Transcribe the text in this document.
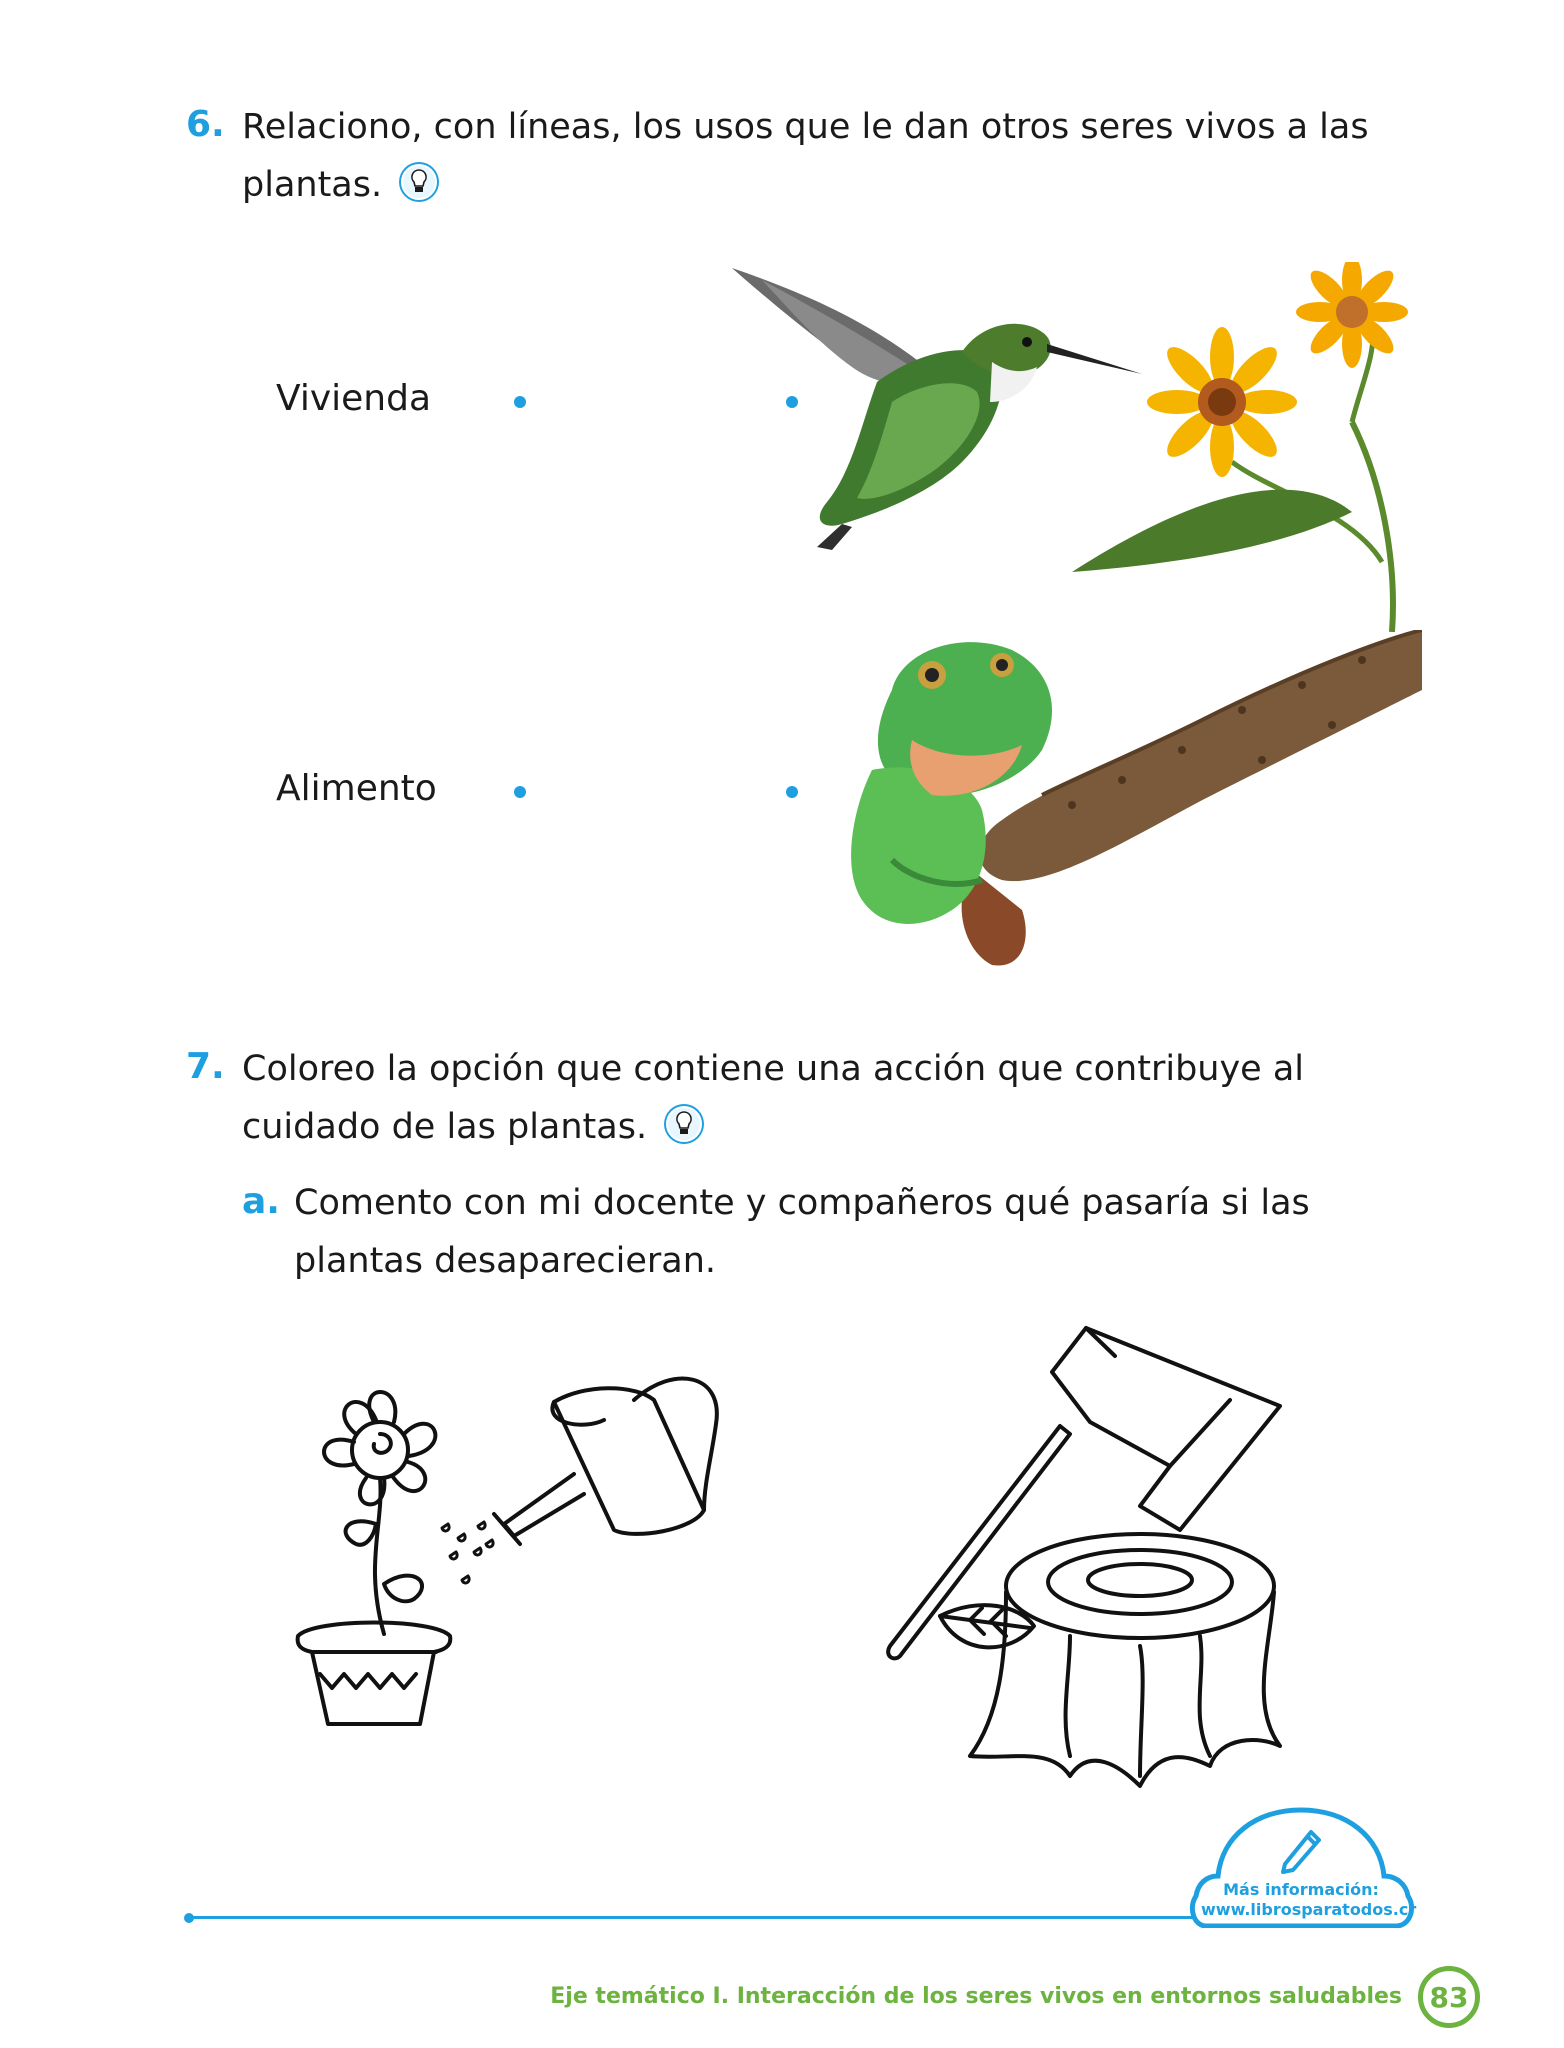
6. Relaciono, con líneas, los usos que le dan otros seres vivos a las plantas.
Vivienda
Alimento
7. Coloreo la opción que contiene una acción que contribuye al cuidado de las plantas.
a. Comento con mi docente y compañeros qué pasaría si las plantas desaparecieran.
Más información:
www.librosparatodos.cr
Eje temático I. Interacción de los seres vivos en entornos saludables 83
